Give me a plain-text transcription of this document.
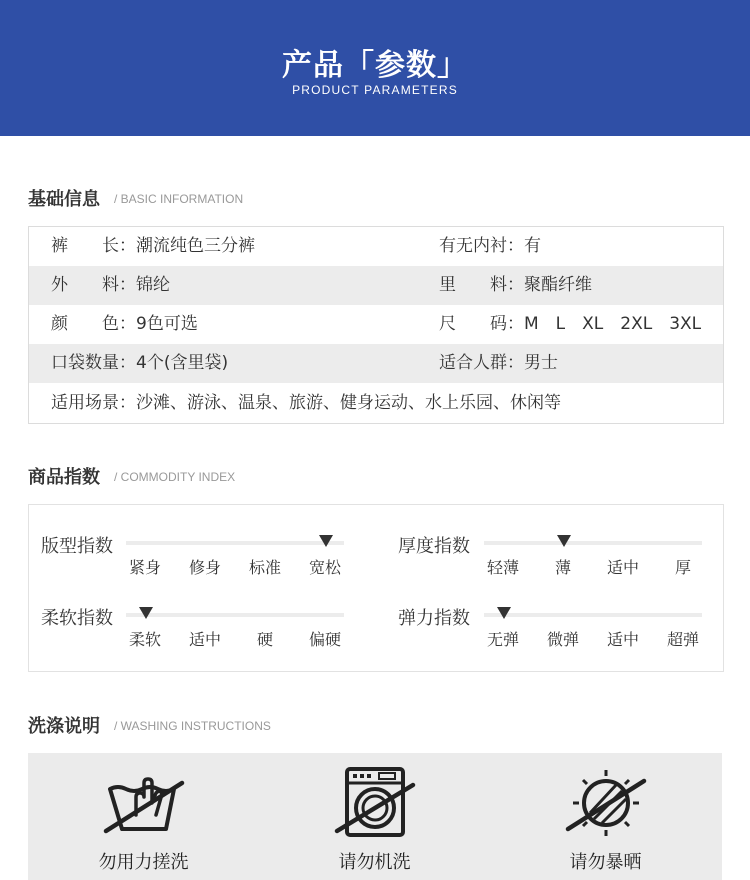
产品「参数」
PRODUCT PARAMETERS
基础信息 / BASIC INFORMATION
裤　　长：潮流纯色三分裤	有无内衬：有
外　　料：锦纶	里　　料：聚酯纤维
颜　　色：9色可选	尺　　码：M　L　XL　2XL　3XL
口袋数量：4个(含里袋)	适合人群：男士
适用场景：沙滩、游泳、温泉、旅游、健身运动、水上乐园、休闲等
商品指数 / COMMODITY INDEX
版型指数
紧身	修身	标准	宽松
厚度指数
轻薄	薄	适中	厚
柔软指数
柔软	适中	硬	偏硬
弹力指数
无弹	微弹	适中	超弹
洗涤说明 / WASHING INSTRUCTIONS
勿用力搓洗	请勿机洗	请勿暴晒
